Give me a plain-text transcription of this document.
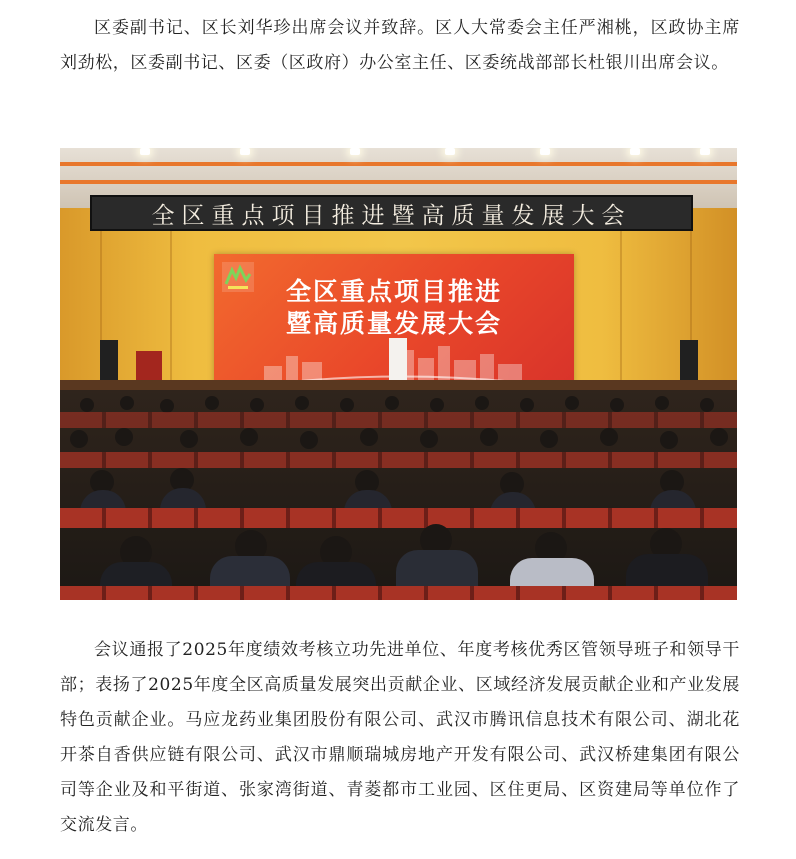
区委副书记、区长刘华珍出席会议并致辞。区人大常委会主任严湘桃，区政协主席刘劲松，区委副书记、区委（区政府）办公室主任、区委统战部部长杜银川出席会议。

全区重点项目推进暨高质量发展大会
全区重点项目推进
暨高质量发展大会

会议通报了2025年度绩效考核立功先进单位、年度考核优秀区管领导班子和领导干部；表扬了2025年度全区高质量发展突出贡献企业、区域经济发展贡献企业和产业发展特色贡献企业。马应龙药业集团股份有限公司、武汉市腾讯信息技术有限公司、湖北花开茶自香供应链有限公司、武汉市鼎顺瑞城房地产开发有限公司、武汉桥建集团有限公司等企业及和平街道、张家湾街道、青菱都市工业园、区住更局、区资建局等单位作了交流发言。
